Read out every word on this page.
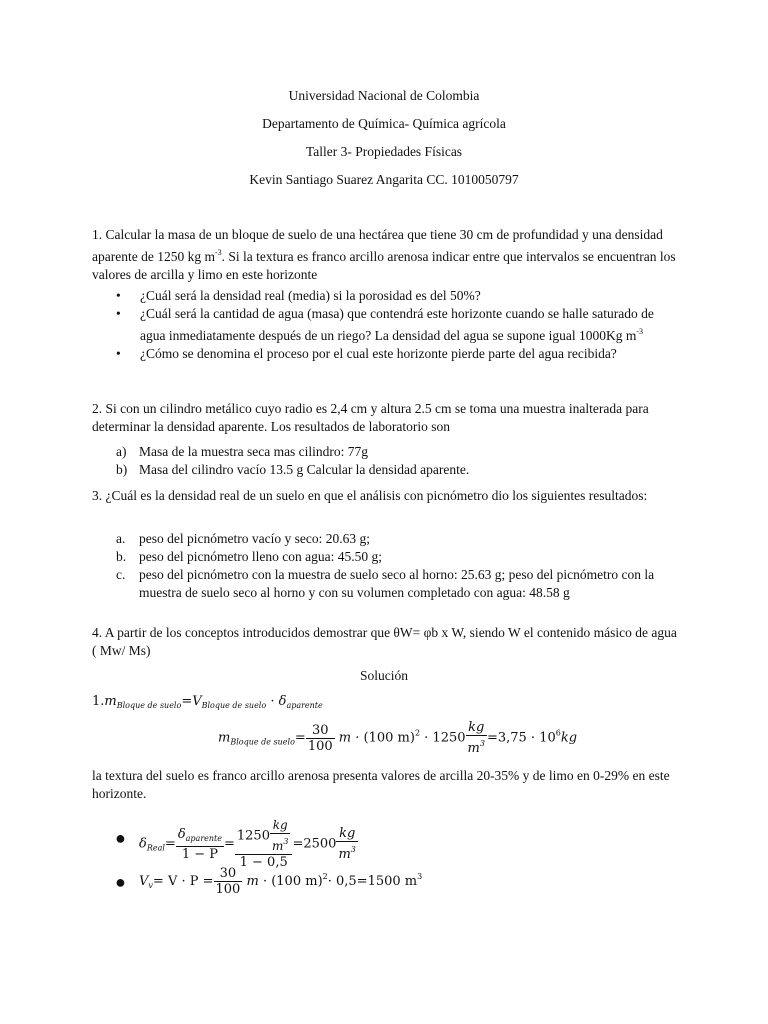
Universidad Nacional de Colombia
Departamento de Química- Química agrícola
Taller 3- Propiedades Físicas
Kevin Santiago Suarez Angarita CC. 1010050797
1. Calcular la masa de un bloque de suelo de una hectárea que tiene 30 cm de profundidad y una densidad aparente de 1250 kg $m^{-3}$. Si la textura es franco arcillo arenosa indicar entre que intervalos se encuentran los valores de arcilla y limo en este horizonte
• ¿Cuál será la densidad real (media) si la porosidad es del 50%?
• ¿Cuál será la cantidad de agua (masa) que contendrá este horizonte cuando se halle saturado de agua inmediatamente después de un riego? La densidad del agua se supone igual 1000Kg $m^{-3}$
• ¿Cómo se denomina el proceso por el cual este horizonte pierde parte del agua recibida?
2. Si con un cilindro metálico cuyo radio es 2,4 cm y altura 2.5 cm se toma una muestra inalterada para determinar la densidad aparente. Los resultados de laboratorio son
a) Masa de la muestra seca mas cilindro: 77g
b) Masa del cilindro vacío 13.5 g Calcular la densidad aparente.
3. ¿Cuál es la densidad real de un suelo en que el análisis con picnómetro dio los siguientes resultados:
a. peso del picnómetro vacío y seco: 20.63 g;
b. peso del picnómetro lleno con agua: 45.50 g;
c. peso del picnómetro con la muestra de suelo seco al horno: 25.63 g; peso del picnómetro con la muestra de suelo seco al horno y con su volumen completado con agua: 48.58 g
4. A partir de los conceptos introducidos demostrar que θW= φb x W, siendo W el contenido másico de agua ( Mw/ Ms)
Solución
$1.m_{Bloque de suelo}=V_{Bloque de suelo} \cdot \delta_{aparente}$
$m_{Bloque de suelo}= \frac{30}{100}$ m · (100 $m)^2 \cdot 1250 \frac{kg}{m^3} =3,75 \cdot 10^6kg$
la textura del suelo es franco arcillo arenosa presenta valores de arcilla 20-35% y de limo en 0-29% en este horizonte.
● $\delta_{Real}= \frac{\delta_{aparente}}{1 - P} = \frac{1250 \frac{kg}{m^3}}{1 - 0,5} =2500 \frac{kg}{m^3}$
● $V_v= V \cdot P = \frac{30}{100}$ m · (100 m)$^2$· 0,5=1500 $m^3$
